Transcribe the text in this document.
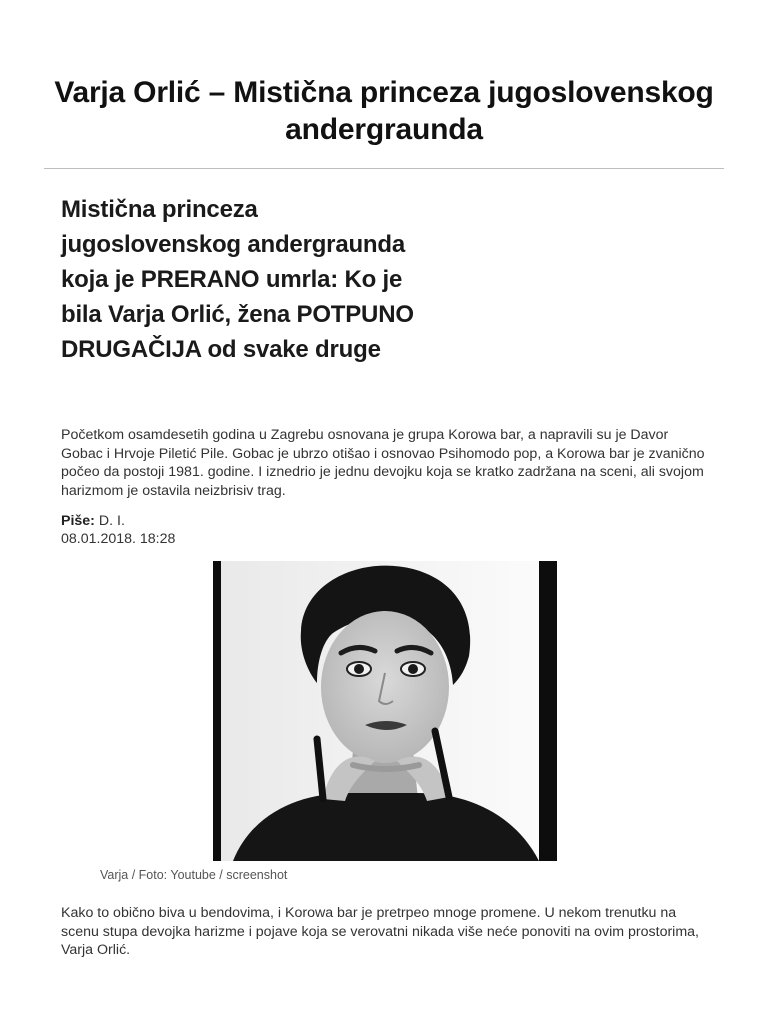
Varja Orlić – Mistična princeza jugoslovenskog andergraunda
Mistična princeza jugoslovenskog andergraunda koja je PRERANO umrla: Ko je bila Varja Orlić, žena POTPUNO DRUGAČIJA od svake druge

Početkom osamdesetih godina u Zagrebu osnovana je grupa Korowa bar, a napravili su je Davor Gobac i Hrvoje Piletić Pile. Gobac je ubrzo otišao i osnovao Psihomodo pop, a Korowa bar je zvanično počeo da postoji 1981. godine. I iznedrio je jednu devojku koja se kratko zadržana na sceni, ali svojom harizmom je ostavila neizbrisiv trag.

Piše: D. I.
08.01.2018. 18:28
Varja / Foto: Youtube / screenshot

Kako to obično biva u bendovima, i Korowa bar je pretrpeo mnoge promene. U nekom trenutku na scenu stupa devojka harizme i pojave koja se verovatni nikada više neće ponoviti na ovim prostorima, Varja Orlić.
